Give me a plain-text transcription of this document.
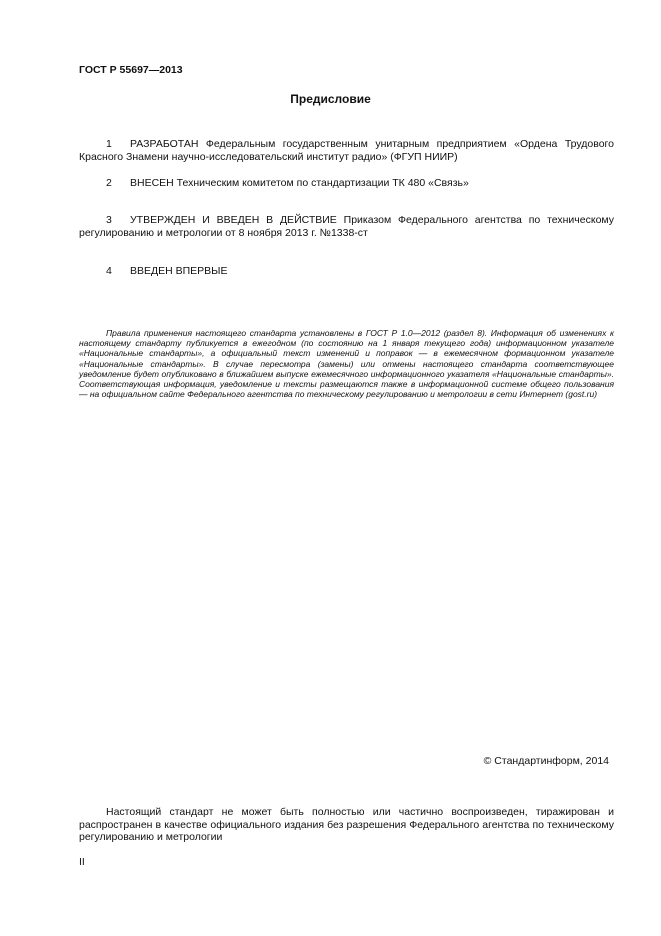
ГОСТ Р 55697—2013
Предисловие
1 РАЗРАБОТАН Федеральным государственным унитарным предприятием «Ордена Трудового Красного Знамени научно-исследовательский институт радио» (ФГУП НИИР)
2 ВНЕСЕН Техническим комитетом по стандартизации ТК 480 «Связь»
3 УТВЕРЖДЕН И ВВЕДЕН В ДЕЙСТВИЕ Приказом Федерального агентства по техническому регулированию и метрологии от 8 ноября 2013 г. №1338-ст
4 ВВЕДЕН ВПЕРВЫЕ
Правила применения настоящего стандарта установлены в ГОСТ Р 1.0—2012 (раздел 8). Информация об изменениях к настоящему стандарту публикуется в ежегодном (по состоянию на 1 января текущего года) информационном указателе «Национальные стандарты», а официальный текст изменений и поправок — в ежемесячном формационном указателе «Национальные стандарты». В случае пересмотра (замены) или отмены настоящего стандарта соответствующее уведомление будет опубликовано в ближайшем выпуске ежемесячного информационного указателя «Национальные стандарты». Соответствующая информация, уведомление и тексты размещаются также в информационной системе общего пользования — на официальном сайте Федерального агентства по техническому регулированию и метрологии в сети Интернет (gost.ru)
© Стандартинформ, 2014
Настоящий стандарт не может быть полностью или частично воспроизведен, тиражирован и распространен в качестве официального издания без разрешения Федерального агентства по техническому регулированию и метрологии
II
